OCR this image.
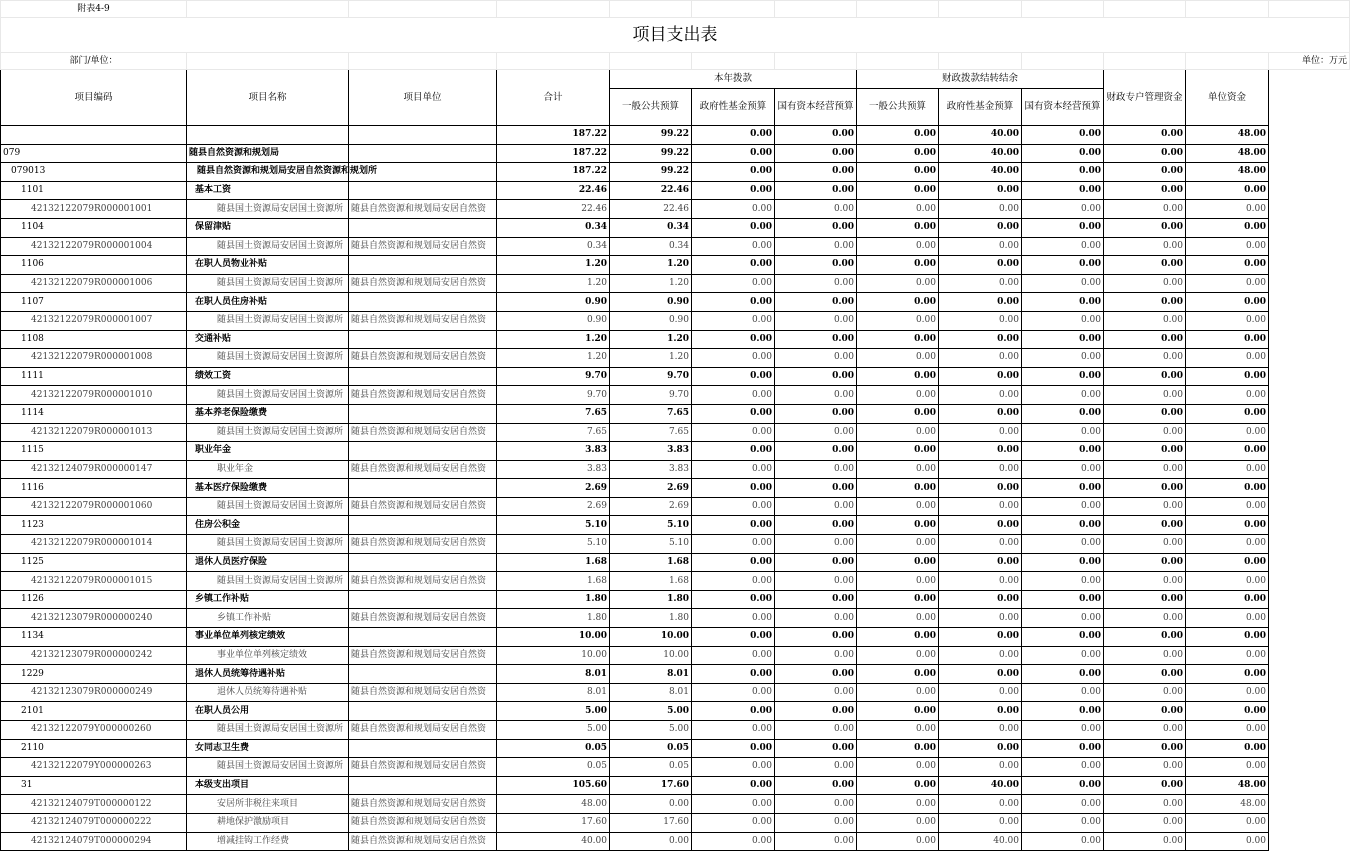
附表4-9												
项目支出表												
部门/单位：												单位：万元
项目编码	项目名称	项目单位	合计	本年拨款			财政拨款结转结余			财政专户管理资金	单位资金	
				一般公共预算	政府性基金预算	国有资本经营预算	一般公共预算	政府性基金预算	国有资本经营预算			
			187.22	99.22	0.00	0.00	0.00	40.00	0.00	0.00	48.00	
079	随县自然资源和规划局		187.22	99.22	0.00	0.00	0.00	40.00	0.00	0.00	48.00	
079013	随县自然资源和规划局安居自然资源和规划所		187.22	99.22	0.00	0.00	0.00	40.00	0.00	0.00	48.00	
1101	基本工资		22.46	22.46	0.00	0.00	0.00	0.00	0.00	0.00	0.00	
42132122079R000001001	随县国土资源局安居国土资源所	随县自然资源和规划局安居自然资	22.46	22.46	0.00	0.00	0.00	0.00	0.00	0.00	0.00	
1104	保留津贴		0.34	0.34	0.00	0.00	0.00	0.00	0.00	0.00	0.00	
42132122079R000001004	随县国土资源局安居国土资源所	随县自然资源和规划局安居自然资	0.34	0.34	0.00	0.00	0.00	0.00	0.00	0.00	0.00	
1106	在职人员物业补贴		1.20	1.20	0.00	0.00	0.00	0.00	0.00	0.00	0.00	
42132122079R000001006	随县国土资源局安居国土资源所	随县自然资源和规划局安居自然资	1.20	1.20	0.00	0.00	0.00	0.00	0.00	0.00	0.00	
1107	在职人员住房补贴		0.90	0.90	0.00	0.00	0.00	0.00	0.00	0.00	0.00	
42132122079R000001007	随县国土资源局安居国土资源所	随县自然资源和规划局安居自然资	0.90	0.90	0.00	0.00	0.00	0.00	0.00	0.00	0.00	
1108	交通补贴		1.20	1.20	0.00	0.00	0.00	0.00	0.00	0.00	0.00	
42132122079R000001008	随县国土资源局安居国土资源所	随县自然资源和规划局安居自然资	1.20	1.20	0.00	0.00	0.00	0.00	0.00	0.00	0.00	
1111	绩效工资		9.70	9.70	0.00	0.00	0.00	0.00	0.00	0.00	0.00	
42132122079R000001010	随县国土资源局安居国土资源所	随县自然资源和规划局安居自然资	9.70	9.70	0.00	0.00	0.00	0.00	0.00	0.00	0.00	
1114	基本养老保险缴费		7.65	7.65	0.00	0.00	0.00	0.00	0.00	0.00	0.00	
42132122079R000001013	随县国土资源局安居国土资源所	随县自然资源和规划局安居自然资	7.65	7.65	0.00	0.00	0.00	0.00	0.00	0.00	0.00	
1115	职业年金		3.83	3.83	0.00	0.00	0.00	0.00	0.00	0.00	0.00	
42132124079R000000147	职业年金	随县自然资源和规划局安居自然资	3.83	3.83	0.00	0.00	0.00	0.00	0.00	0.00	0.00	
1116	基本医疗保险缴费		2.69	2.69	0.00	0.00	0.00	0.00	0.00	0.00	0.00	
42132122079R000001060	随县国土资源局安居国土资源所	随县自然资源和规划局安居自然资	2.69	2.69	0.00	0.00	0.00	0.00	0.00	0.00	0.00	
1123	住房公积金		5.10	5.10	0.00	0.00	0.00	0.00	0.00	0.00	0.00	
42132122079R000001014	随县国土资源局安居国土资源所	随县自然资源和规划局安居自然资	5.10	5.10	0.00	0.00	0.00	0.00	0.00	0.00	0.00	
1125	退休人员医疗保险		1.68	1.68	0.00	0.00	0.00	0.00	0.00	0.00	0.00	
42132122079R000001015	随县国土资源局安居国土资源所	随县自然资源和规划局安居自然资	1.68	1.68	0.00	0.00	0.00	0.00	0.00	0.00	0.00	
1126	乡镇工作补贴		1.80	1.80	0.00	0.00	0.00	0.00	0.00	0.00	0.00	
42132123079R000000240	乡镇工作补贴	随县自然资源和规划局安居自然资	1.80	1.80	0.00	0.00	0.00	0.00	0.00	0.00	0.00	
1134	事业单位单列核定绩效		10.00	10.00	0.00	0.00	0.00	0.00	0.00	0.00	0.00	
42132123079R000000242	事业单位单列核定绩效	随县自然资源和规划局安居自然资	10.00	10.00	0.00	0.00	0.00	0.00	0.00	0.00	0.00	
1229	退休人员统筹待遇补贴		8.01	8.01	0.00	0.00	0.00	0.00	0.00	0.00	0.00	
42132123079R000000249	退休人员统筹待遇补贴	随县自然资源和规划局安居自然资	8.01	8.01	0.00	0.00	0.00	0.00	0.00	0.00	0.00	
2101	在职人员公用		5.00	5.00	0.00	0.00	0.00	0.00	0.00	0.00	0.00	
42132122079Y000000260	随县国土资源局安居国土资源所	随县自然资源和规划局安居自然资	5.00	5.00	0.00	0.00	0.00	0.00	0.00	0.00	0.00	
2110	女同志卫生费		0.05	0.05	0.00	0.00	0.00	0.00	0.00	0.00	0.00	
42132122079Y000000263	随县国土资源局安居国土资源所	随县自然资源和规划局安居自然资	0.05	0.05	0.00	0.00	0.00	0.00	0.00	0.00	0.00	
31	本级支出项目		105.60	17.60	0.00	0.00	0.00	40.00	0.00	0.00	48.00	
42132124079T000000122	安居所非税往来项目	随县自然资源和规划局安居自然资	48.00	0.00	0.00	0.00	0.00	0.00	0.00	0.00	48.00	
42132124079T000000222	耕地保护激励项目	随县自然资源和规划局安居自然资	17.60	17.60	0.00	0.00	0.00	0.00	0.00	0.00	0.00	
42132124079T000000294	增减挂钩工作经费	随县自然资源和规划局安居自然资	40.00	0.00	0.00	0.00	0.00	40.00	0.00	0.00	0.00	
